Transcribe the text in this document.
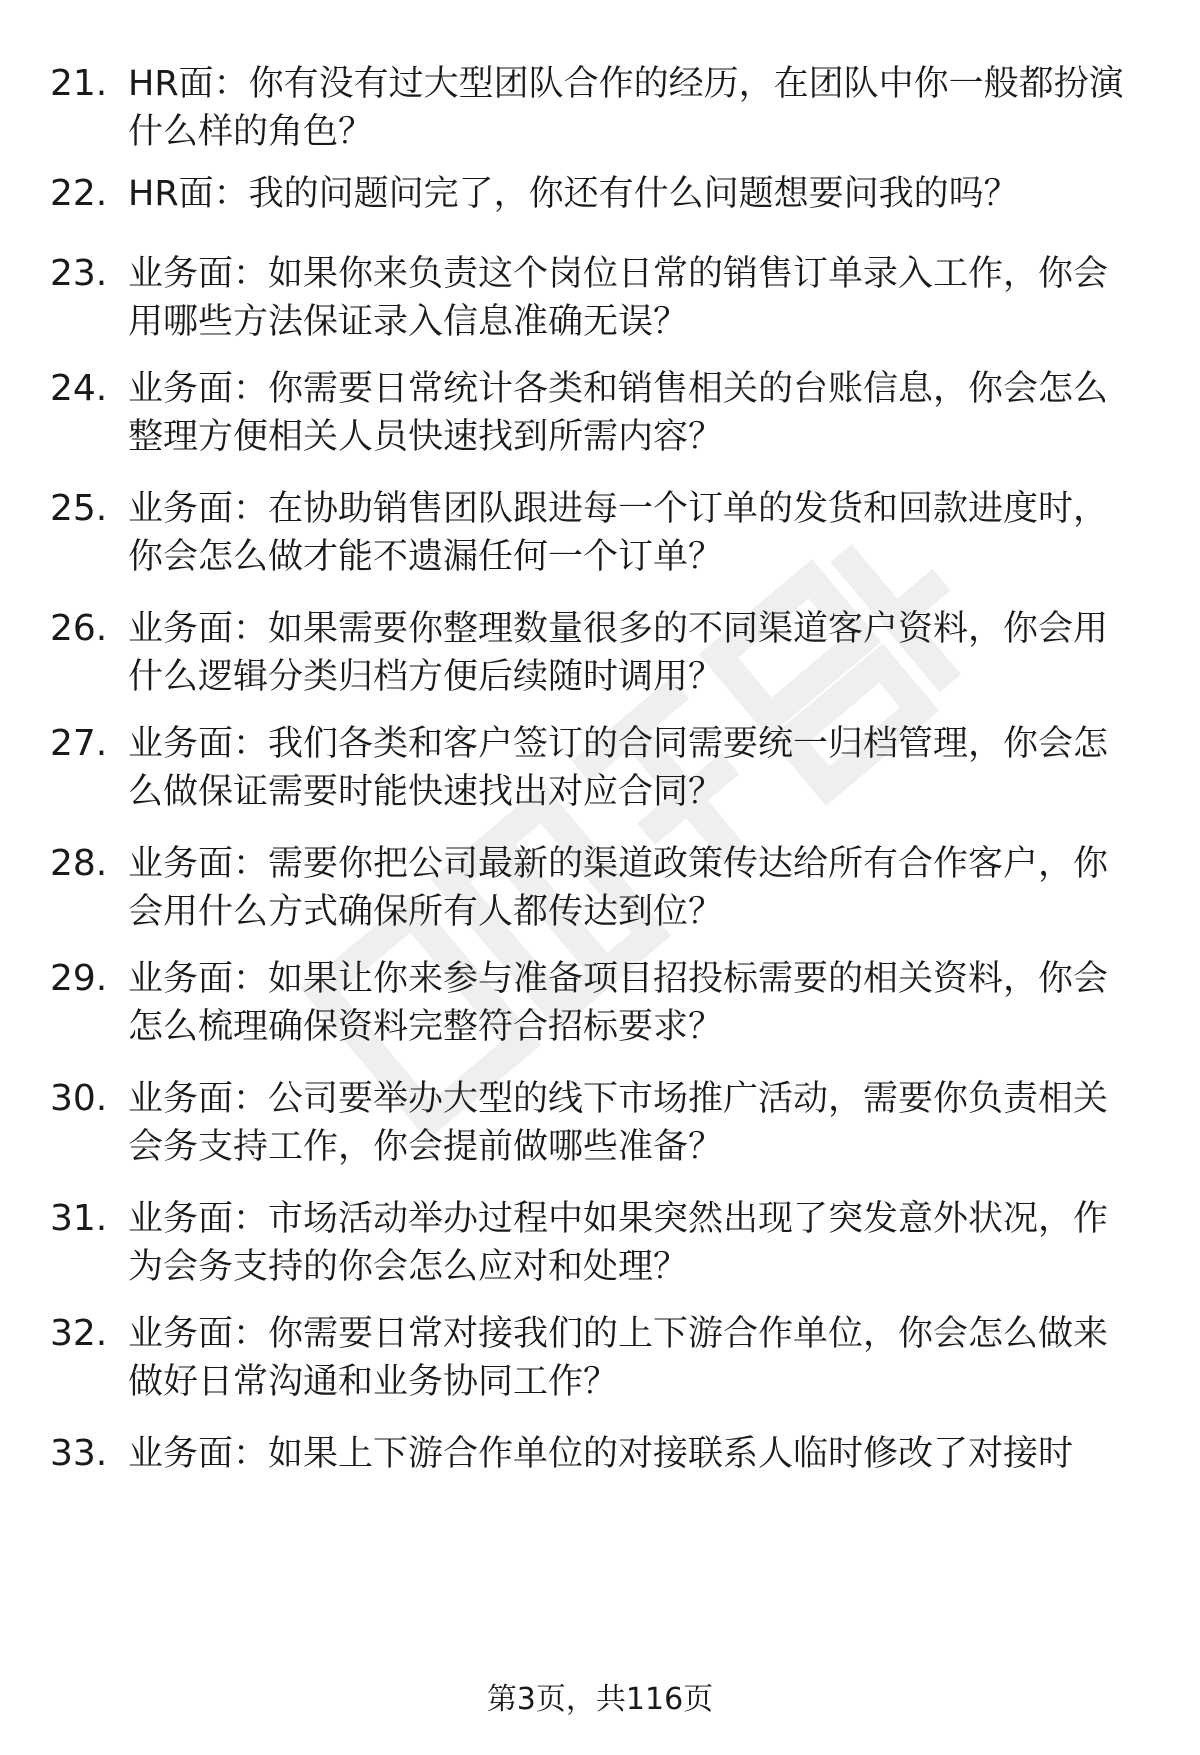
21. HR面：你有没有过大型团队合作的经历，在团队中你一般都扮演
什么样的角色？
22. HR面：我的问题问完了，你还有什么问题想要问我的吗？
23. 业务面：如果你来负责这个岗位日常的销售订单录入工作，你会
用哪些方法保证录入信息准确无误？
24. 业务面：你需要日常统计各类和销售相关的台账信息，你会怎么
整理方便相关人员快速找到所需内容？
25. 业务面：在协助销售团队跟进每一个订单的发货和回款进度时，
你会怎么做才能不遗漏任何一个订单？
26. 业务面：如果需要你整理数量很多的不同渠道客户资料，你会用
什么逻辑分类归档方便后续随时调用？
27. 业务面：我们各类和客户签订的合同需要统一归档管理，你会怎
么做保证需要时能快速找出对应合同？
28. 业务面：需要你把公司最新的渠道政策传达给所有合作客户，你
会用什么方式确保所有人都传达到位？
29. 业务面：如果让你来参与准备项目招投标需要的相关资料，你会
怎么梳理确保资料完整符合招标要求？
30. 业务面：公司要举办大型的线下市场推广活动，需要你负责相关
会务支持工作，你会提前做哪些准备？
31. 业务面：市场活动举办过程中如果突然出现了突发意外状况，作
为会务支持的你会怎么应对和处理？
32. 业务面：你需要日常对接我们的上下游合作单位，你会怎么做来
做好日常沟通和业务协同工作？
33. 业务面：如果上下游合作单位的对接联系人临时修改了对接时
第3页，共116页
